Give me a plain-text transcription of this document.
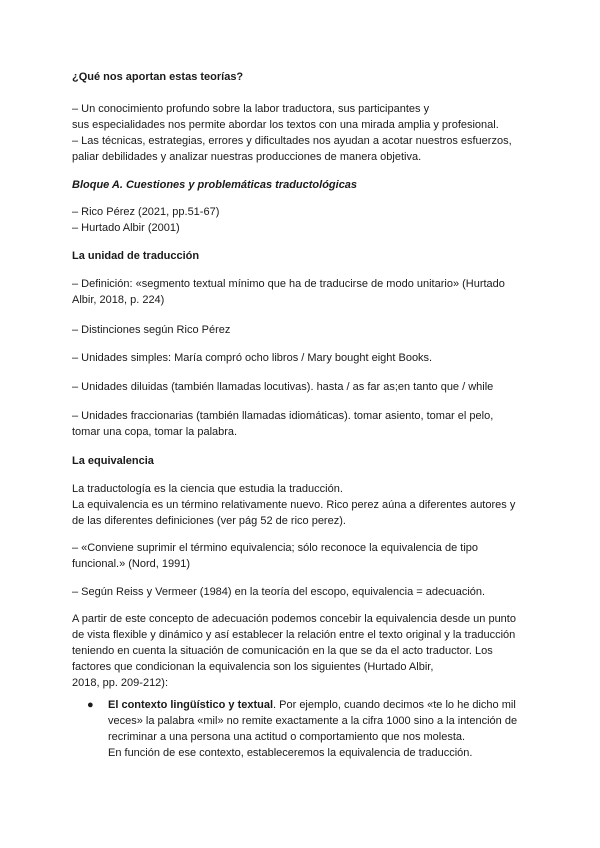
¿Qué nos aportan estas teorías?
– Un conocimiento profundo sobre la labor traductora, sus participantes y
sus especialidades nos permite abordar los textos con una mirada amplia y profesional.
– Las técnicas, estrategias, errores y dificultades nos ayudan a acotar nuestros esfuerzos,
paliar debilidades y analizar nuestras producciones de manera objetiva.
Bloque A. Cuestiones y problemáticas traductológicas
– Rico Pérez (2021, pp.51-67)
– Hurtado Albir (2001)
La unidad de traducción
– Definición: «segmento textual mínimo que ha de traducirse de modo unitario» (Hurtado
Albir, 2018, p. 224)
– Distinciones según Rico Pérez
– Unidades simples: María compró ocho libros / Mary bought eight Books.
– Unidades diluidas (también llamadas locutivas). hasta / as far as;en tanto que / while
– Unidades fraccionarias (también llamadas idiomáticas). tomar asiento, tomar el pelo,
tomar una copa, tomar la palabra.
La equivalencia
La traductología es la ciencia que estudia la traducción.
La equivalencia es un término relativamente nuevo. Rico perez aúna a diferentes autores y
de las diferentes definiciones (ver pág 52 de rico perez).
– «Conviene suprimir el término equivalencia; sólo reconoce la equivalencia de tipo
funcional.» (Nord, 1991)
– Según Reiss y Vermeer (1984) en la teoría del escopo, equivalencia = adecuación.
A partir de este concepto de adecuación podemos concebir la equivalencia desde un punto
de vista flexible y dinámico y así establecer la relación entre el texto original y la traducción
teniendo en cuenta la situación de comunicación en la que se da el acto traductor. Los
factores que condicionan la equivalencia son los siguientes (Hurtado Albir,
2018, pp. 209-212):
● El contexto lingüístico y textual. Por ejemplo, cuando decimos «te lo he dicho mil
veces» la palabra «mil» no remite exactamente a la cifra 1000 sino a la intención de
recriminar a una persona una actitud o comportamiento que nos molesta.
En función de ese contexto, estableceremos la equivalencia de traducción.
